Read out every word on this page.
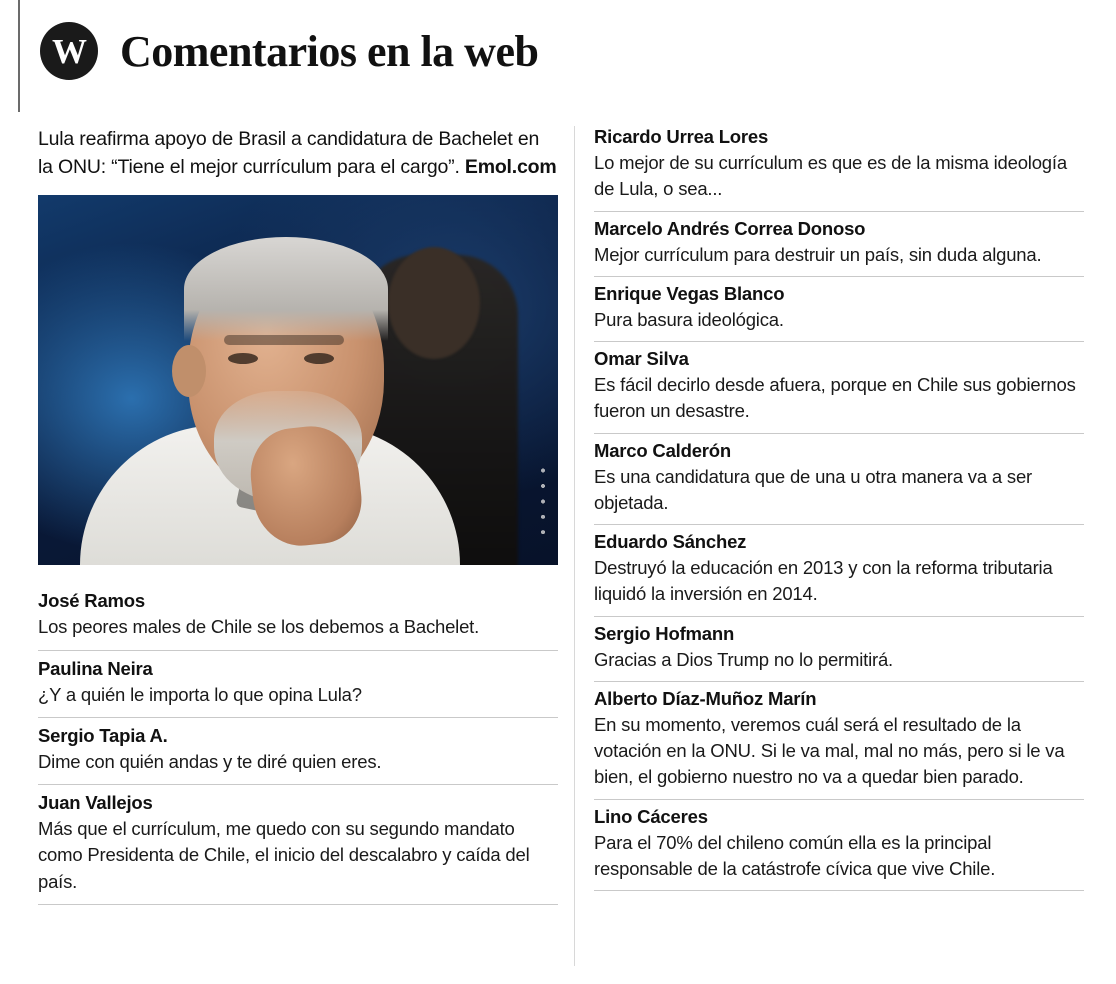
W Comentarios en la web

Lula reafirma apoyo de Brasil a candidatura de Bachelet en la ONU: “Tiene el mejor currículum para el cargo”. Emol.com

José Ramos

Los peores males de Chile se los debemos a Bachelet.

Paulina Neira

¿Y a quién le importa lo que opina Lula?

Sergio Tapia A.

Dime con quién andas y te diré quien eres.

Juan Vallejos

Más que el currículum, me quedo con su segundo mandato como Presidenta de Chile, el inicio del descalabro y caída del país.

Ricardo Urrea Lores

Lo mejor de su currículum es que es de la misma ideología de Lula, o sea...

Marcelo Andrés Correa Donoso

Mejor currículum para destruir un país, sin duda alguna.

Enrique Vegas Blanco

Pura basura ideológica.

Omar Silva

Es fácil decirlo desde afuera, porque en Chile sus gobiernos fueron un desastre.

Marco Calderón

Es una candidatura que de una u otra manera va a ser objetada.

Eduardo Sánchez

Destruyó la educación en 2013 y con la reforma tributaria liquidó la inversión en 2014.

Sergio Hofmann

Gracias a Dios Trump no lo permitirá.

Alberto Díaz-Muñoz Marín

En su momento, veremos cuál será el resultado de la votación en la ONU. Si le va mal, mal no más, pero si le va bien, el gobierno nuestro no va a quedar bien parado.

Lino Cáceres

Para el 70% del chileno común ella es la principal responsable de la catástrofe cívica que vive Chile.
